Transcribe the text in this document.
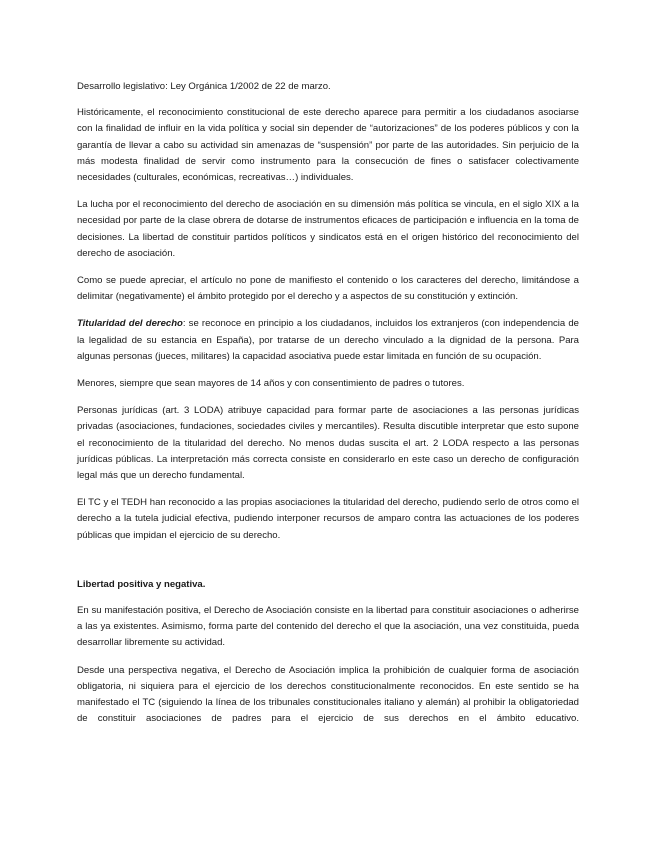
Desarrollo legislativo: Ley Orgánica 1/2002 de 22 de marzo.

Históricamente, el reconocimiento constitucional de este derecho aparece para permitir a los ciudadanos asociarse con la finalidad de influir en la vida política y social sin depender de “autorizaciones” de los poderes públicos y con la garantía de llevar a cabo su actividad sin amenazas de “suspensión” por parte de las autoridades. Sin perjuicio de la más modesta finalidad de servir como instrumento para la consecución de fines o satisfacer colectivamente necesidades (culturales, económicas, recreativas…) individuales.

La lucha por el reconocimiento del derecho de asociación en su dimensión más política se vincula, en el siglo XIX a la necesidad por parte de la clase obrera de dotarse de instrumentos eficaces de participación e influencia en la toma de decisiones. La libertad de constituir partidos políticos y sindicatos está en el origen histórico del reconocimiento del derecho de asociación.

Como se puede apreciar, el artículo no pone de manifiesto el contenido o los caracteres del derecho, limitándose a delimitar (negativamente) el ámbito protegido por el derecho y a aspectos de su constitución y extinción.

Titularidad del derecho: se reconoce en principio a los ciudadanos, incluidos los extranjeros (con independencia de la legalidad de su estancia en España), por tratarse de un derecho vinculado a la dignidad de la persona. Para algunas personas (jueces, militares) la capacidad asociativa puede estar limitada en función de su ocupación.

Menores, siempre que sean mayores de 14 años y con consentimiento de padres o tutores.

Personas jurídicas (art. 3 LODA) atribuye capacidad para formar parte de asociaciones a las personas jurídicas privadas (asociaciones, fundaciones, sociedades civiles y mercantiles). Resulta discutible interpretar que esto supone el reconocimiento de la titularidad del derecho. No menos dudas suscita el art. 2 LODA respecto a las personas jurídicas públicas. La interpretación más correcta consiste en considerarlo en este caso un derecho de configuración legal más que un derecho fundamental.

El TC y el TEDH han reconocido a las propias asociaciones la titularidad del derecho, pudiendo serlo de otros como el derecho a la tutela judicial efectiva, pudiendo interponer recursos de amparo contra las actuaciones de los poderes públicas que impidan el ejercicio de su derecho.

Libertad positiva y negativa.

En su manifestación positiva, el Derecho de Asociación consiste en la libertad para constituir asociaciones o adherirse a las ya existentes. Asimismo, forma parte del contenido del derecho el que la asociación, una vez constituida, pueda desarrollar libremente su actividad.

Desde una perspectiva negativa, el Derecho de Asociación implica la prohibición de cualquier forma de asociación obligatoria, ni siquiera para el ejercicio de los derechos constitucionalmente reconocidos. En este sentido se ha manifestado el TC (siguiendo la línea de los tribunales constitucionales italiano y alemán) al prohibir la obligatoriedad de constituir asociaciones de padres para el ejercicio de sus derechos en el ámbito educativo.
